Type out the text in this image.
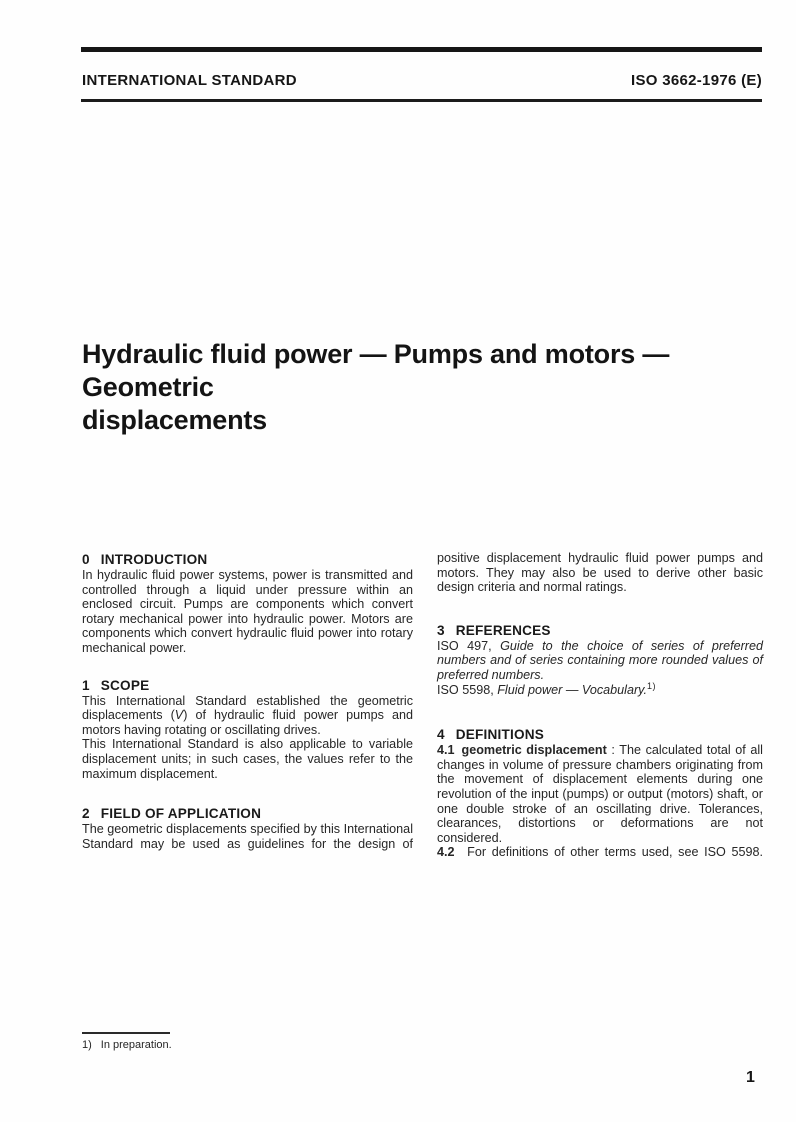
INTERNATIONAL STANDARD	ISO 3662-1976 (E)
Hydraulic fluid power — Pumps and motors — Geometric
displacements
0 INTRODUCTION

In hydraulic fluid power systems, power is transmitted and controlled through a liquid under pressure within an enclosed circuit. Pumps are components which convert rotary mechanical power into hydraulic power. Motors are components which convert hydraulic fluid power into rotary mechanical power.

1 SCOPE

This International Standard established the geometric displacements (V) of hydraulic fluid power pumps and motors having rotating or oscillating drives.

This International Standard is also applicable to variable displacement units; in such cases, the values refer to the maximum displacement.

2 FIELD OF APPLICATION

The geometric displacements specified by this International Standard may be used as guidelines for the design of

positive displacement hydraulic fluid power pumps and motors. They may also be used to derive other basic design criteria and normal ratings.

3 REFERENCES

ISO 497, Guide to the choice of series of preferred numbers and of series containing more rounded values of preferred numbers.

ISO 5598, Fluid power — Vocabulary.$^{1)}$

4 DEFINITIONS

4.1 geometric displacement : The calculated total of all changes in volume of pressure chambers originating from the movement of displacement elements during one revolution of the input (pumps) or output (motors) shaft, or one double stroke of an oscillating drive. Tolerances, clearances, distortions or deformations are not considered.

4.2 For definitions of other terms used, see ISO 5598.

1) In preparation.
1
